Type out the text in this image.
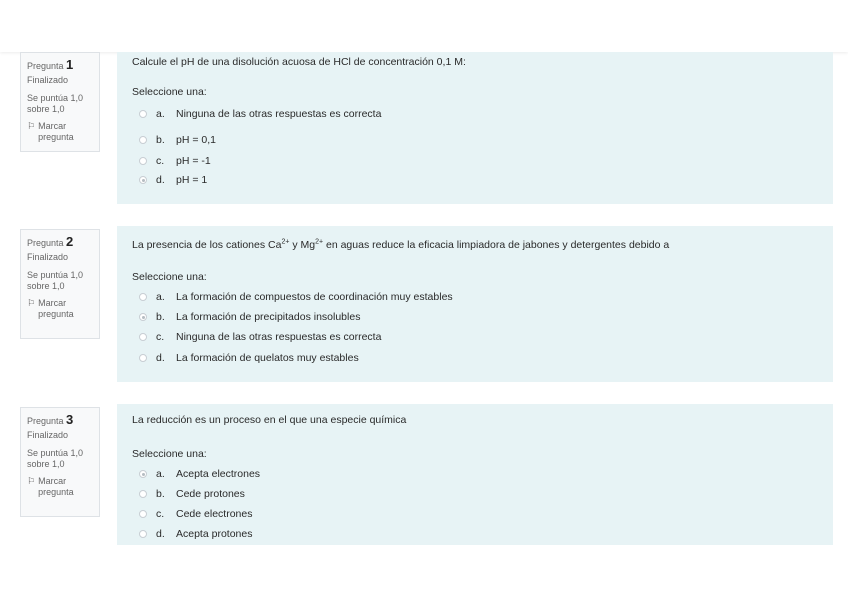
Pregunta 1
Finalizado
Se puntúa 1,0 sobre 1,0
⚐ Marcar pregunta
Calcule el pH de una disolución acuosa de HCl de concentración 0,1 M:
Seleccione una:
a.	Ninguna de las otras respuestas es correcta
b.	pH = 0,1
c.	pH = -1
d.	pH = 1
Pregunta 2
Finalizado
Se puntúa 1,0 sobre 1,0
⚐ Marcar pregunta
La presencia de los cationes $Ca^{2+}$ y $Mg^{2+}$ en aguas reduce la eficacia limpiadora de jabones y detergentes debido a
Seleccione una:
a.	La formación de compuestos de coordinación muy estables
b.	La formación de precipitados insolubles
c.	Ninguna de las otras respuestas es correcta
d.	La formación de quelatos muy estables
Pregunta 3
Finalizado
Se puntúa 1,0 sobre 1,0
⚐ Marcar pregunta
La reducción es un proceso en el que una especie química
Seleccione una:
a.	Acepta electrones
b.	Cede protones
c.	Cede electrones
d.	Acepta protones
